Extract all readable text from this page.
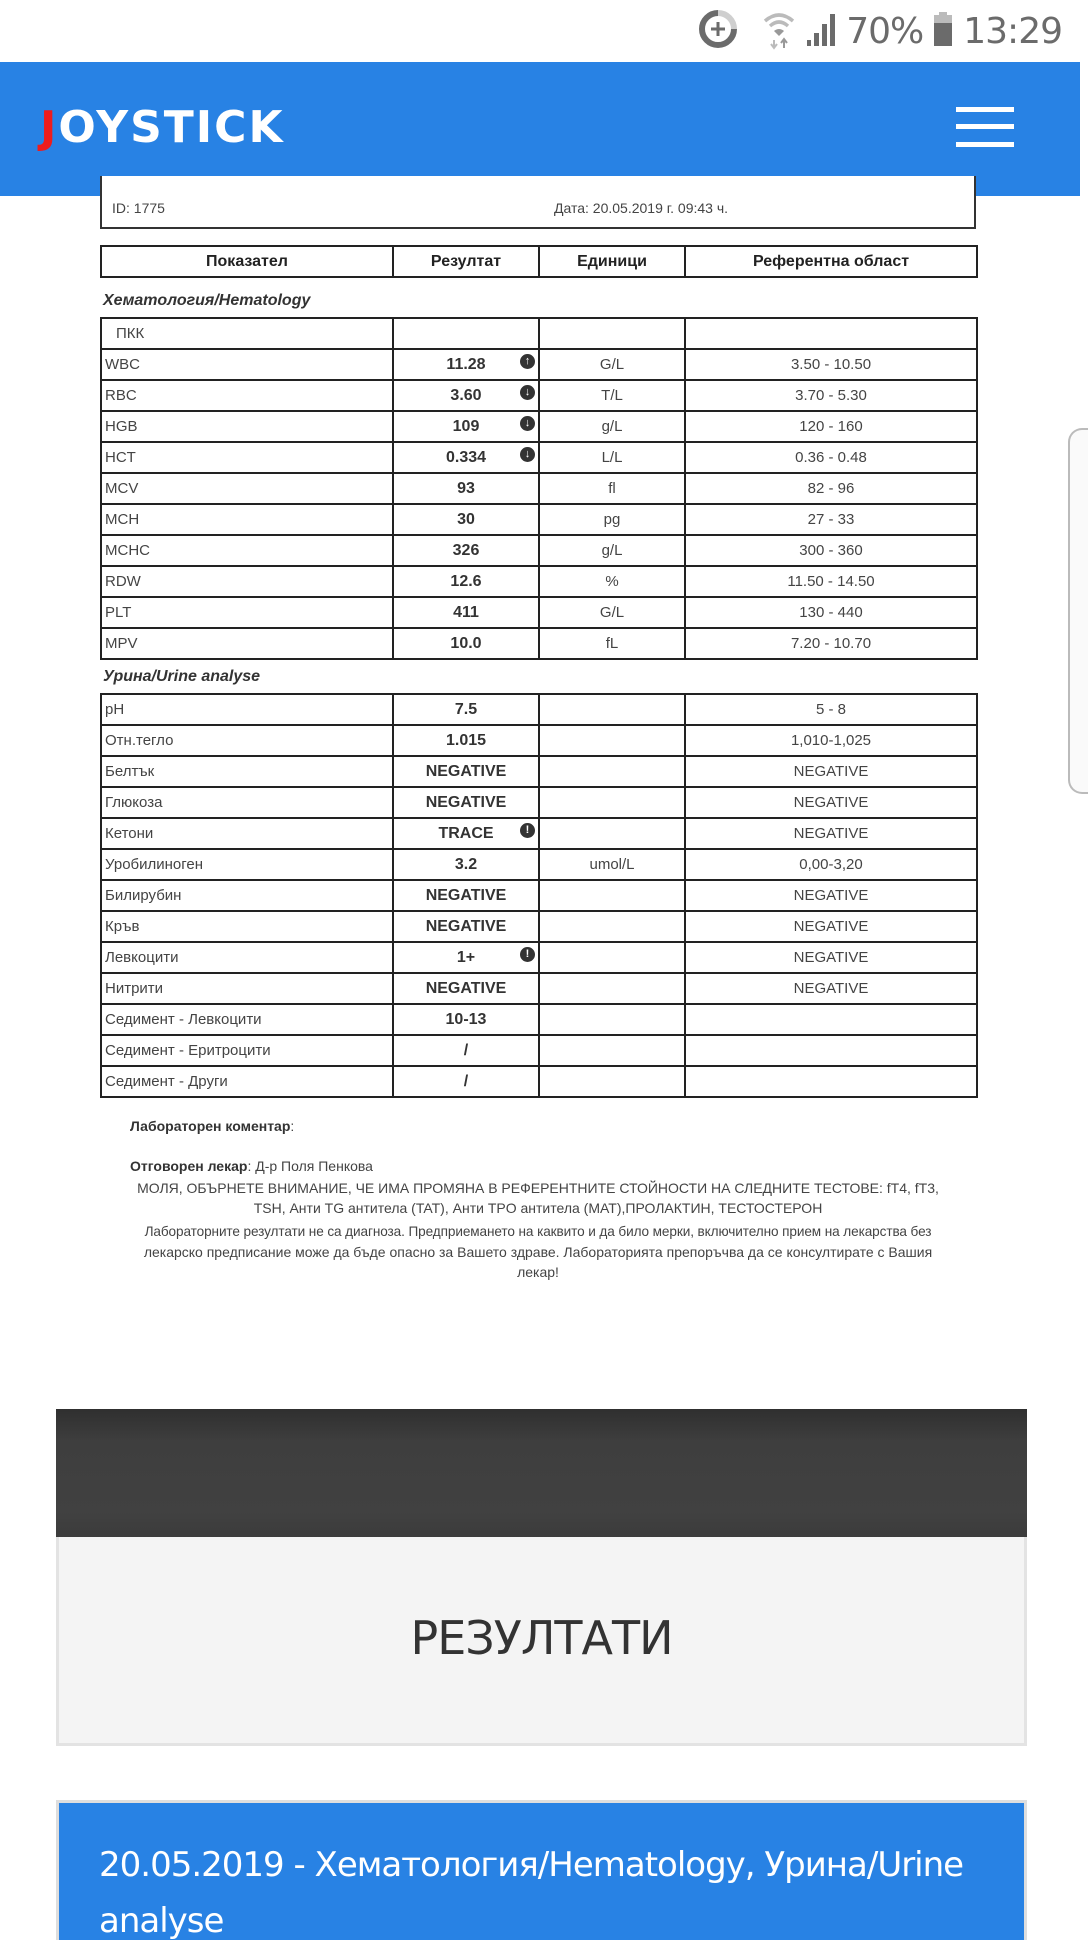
70% 13:29
JOYSTICK
ID: 1775	Дата: 20.05.2019 г. 09:43 ч.
Показател	Резултат	Единици	Референтна област
Хематология/Hematology
ПКК			
WBC	11.28 ↑	G/L	3.50 - 10.50
RBC	3.60 ↓	T/L	3.70 - 5.30
HGB	109 ↓	g/L	120 - 160
HCT	0.334 ↓	L/L	0.36 - 0.48
MCV	93	fl	82 - 96
MCH	30	pg	27 - 33
MCHC	326	g/L	300 - 360
RDW	12.6	%	11.50 - 14.50
PLT	411	G/L	130 - 440
MPV	10.0	fL	7.20 - 10.70
Урина/Urine analyse
pH	7.5		5 - 8
Отн.тегло	1.015		1,010-1,025
Белтък	NEGATIVE		NEGATIVE
Глюкоза	NEGATIVE		NEGATIVE
Кетони	TRACE !		NEGATIVE
Уробилиноген	3.2	umol/L	0,00-3,20
Билирубин	NEGATIVE		NEGATIVE
Кръв	NEGATIVE		NEGATIVE
Левкоцити	1+ !		NEGATIVE
Нитрити	NEGATIVE		NEGATIVE
Седимент - Левкоцити	10-13		
Седимент - Еритроцити	/		
Седимент - Други	/		
Лабораторен коментар:
Отговорен лекар: Д-р Поля Пенкова
МОЛЯ, ОБЪРНЕТЕ ВНИМАНИЕ, ЧЕ ИМА ПРОМЯНА В РЕФЕРЕНТНИТЕ СТОЙНОСТИ НА СЛЕДНИТЕ ТЕСТОВЕ: fT4, fT3,
TSH, Анти TG антитела (TAT), Анти TPO антитела (MAT),ПРОЛАКТИН, ТЕСТОСТЕРОН
Лабораторните резултати не са диагноза. Предприемането на каквито и да било мерки, включително прием на лекарства без
лекарско предписание може да бъде опасно за Вашето здраве. Лабораторията препоръчва да се консултирате с Вашия
лекар!
РЕЗУЛТАТИ
20.05.2019 - Хематология/Hematology, Урина/Urine analyse
